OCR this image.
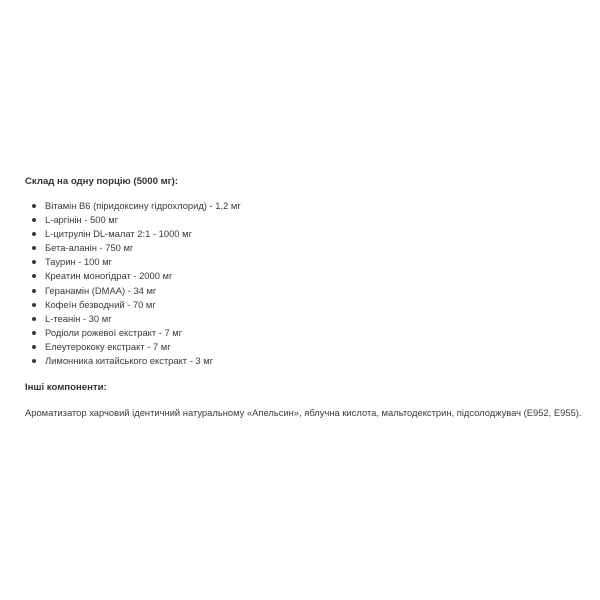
Склад на одну порцію (5000 мг):
Вітамін В6 (піридоксину гідрохлорид) - 1,2 мг
L-аргінін - 500 мг
L-цитрулін DL-малат 2:1 - 1000 мг
Бета-аланін - 750 мг
Таурин - 100 мг
Креатин моногідрат - 2000 мг
Геранамін (DMAA) - 34 мг
Кофеїн безводний - 70 мг
L-теанін - 30 мг
Родіоли рожевої екстракт - 7 мг
Елеутерококу екстракт - 7 мг
Лимонника китайського екстракт - 3 мг
Інші компоненти:
Ароматизатор харчовий ідентичний натуральному «Апельсин», яблучна кислота, мальтодекстрин, підсолоджувач (Е952, Е955).
